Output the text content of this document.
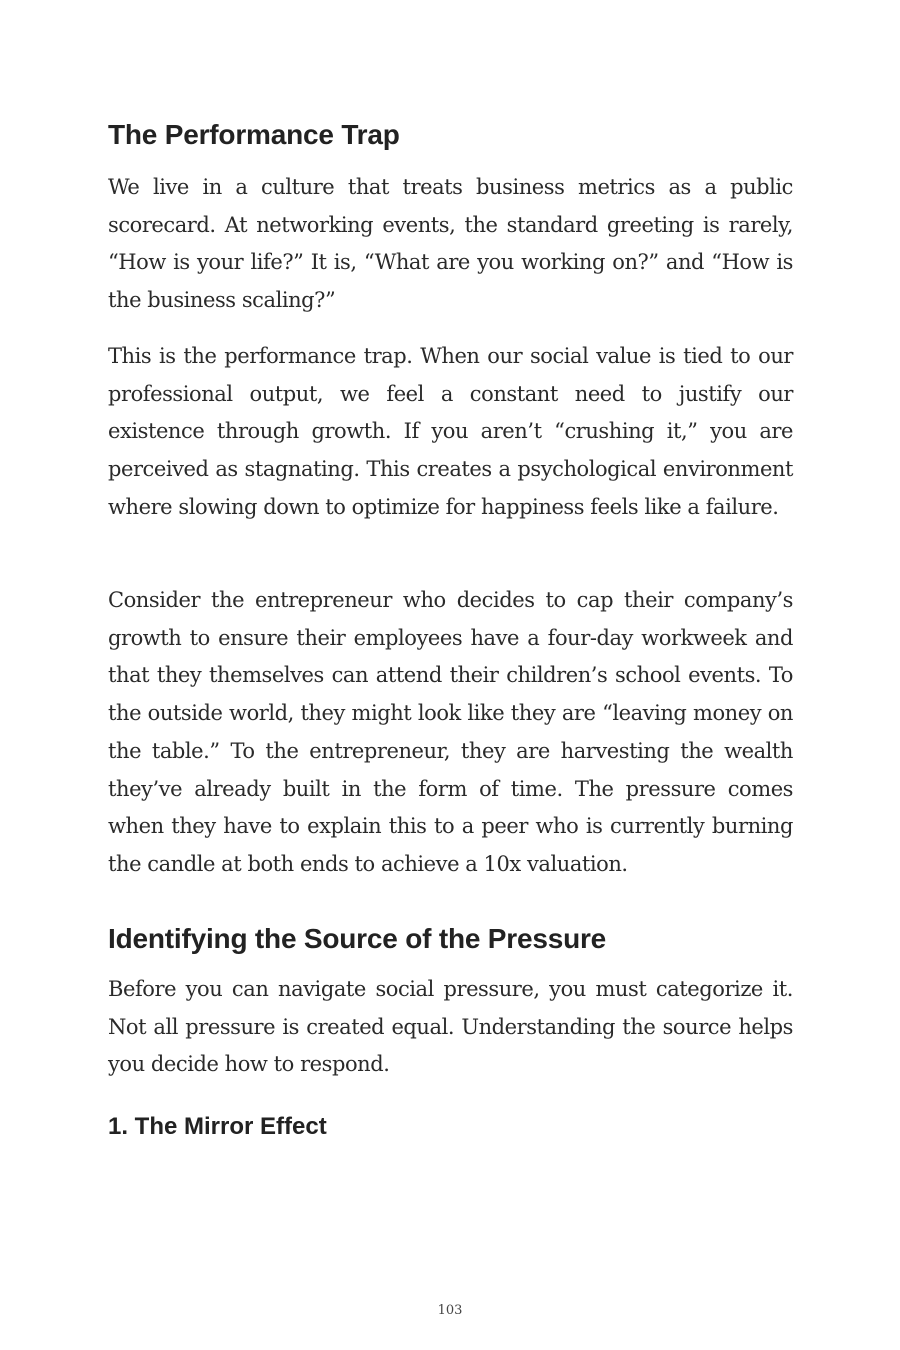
The Performance Trap

We live in a culture that treats business metrics as a public scorecard. At networking events, the standard greeting is rarely, “How is your life?” It is, “What are you working on?” and “How is the business scaling?”

This is the performance trap. When our social value is tied to our professional output, we feel a constant need to justify our existence through growth. If you aren’t “crushing it,” you are perceived as stagnating. This creates a psychological environment where slowing down to optimize for happiness feels like a failure.

Consider the entrepreneur who decides to cap their company’s growth to ensure their employees have a four-day workweek and that they themselves can attend their children’s school events. To the outside world, they might look like they are “leaving money on the table.” To the entrepreneur, they are harvesting the wealth they’ve already built in the form of time. The pressure comes when they have to explain this to a peer who is currently burning the candle at both ends to achieve a 10x valuation.

Identifying the Source of the Pressure

Before you can navigate social pressure, you must categorize it. Not all pressure is created equal. Understanding the source helps you decide how to respond.

1. The Mirror Effect
103
